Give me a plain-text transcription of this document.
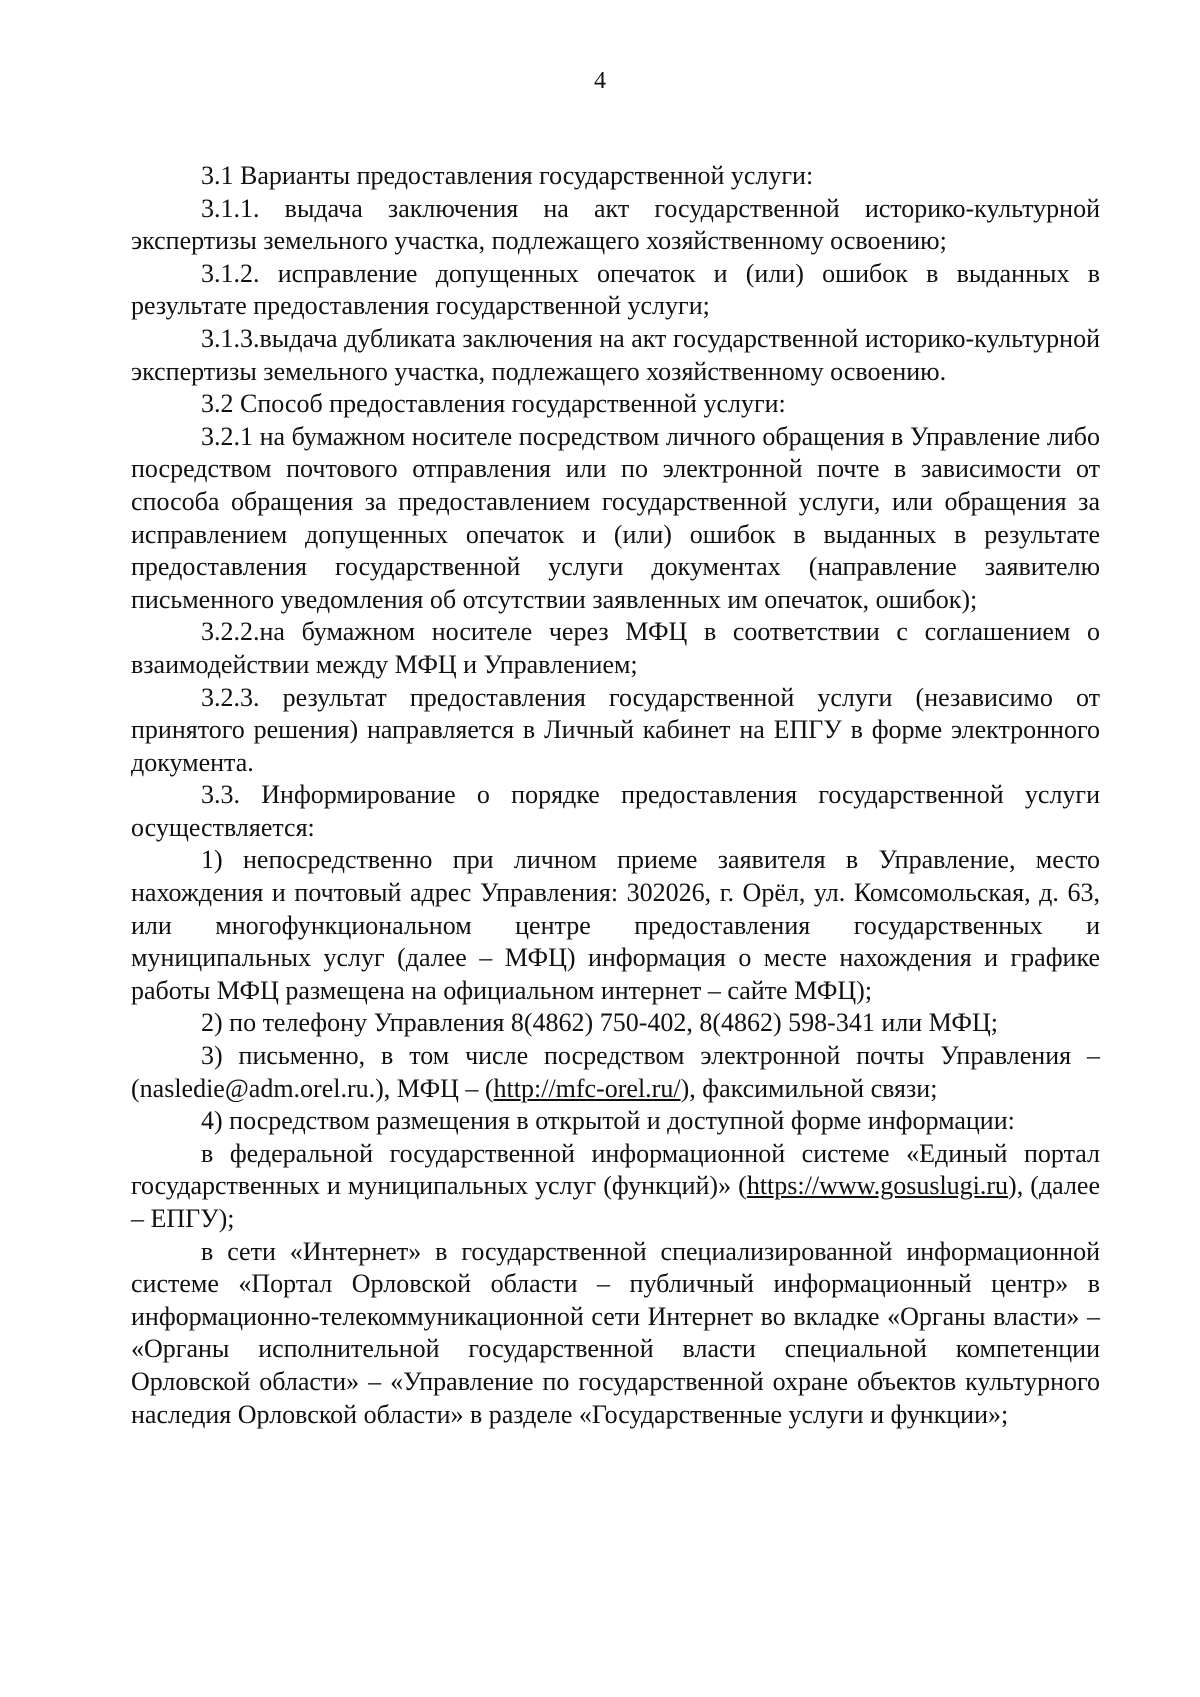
4

3.1 Варианты предоставления государственной услуги:

3.1.1. выдача заключения на акт государственной историко-культурной экспертизы земельного участка, подлежащего хозяйственному освоению;

3.1.2. исправление допущенных опечаток и (или) ошибок в выданных в результате предоставления государственной услуги;

3.1.3.выдача дубликата заключения на акт государственной историко-культурной экспертизы земельного участка, подлежащего хозяйственному освоению.

3.2 Способ предоставления государственной услуги:

3.2.1 на бумажном носителе посредством личного обращения в Управление либо посредством почтового отправления или по электронной почте в зависимости от способа обращения за предоставлением государственной услуги, или обращения за исправлением допущенных опечаток и (или) ошибок в выданных в результате предоставления государственной услуги документах (направление заявителю письменного уведомления об отсутствии заявленных им опечаток, ошибок);

3.2.2.на бумажном носителе через МФЦ в соответствии с соглашением о взаимодействии между МФЦ и Управлением;

3.2.3. результат предоставления государственной услуги (независимо от принятого решения) направляется в Личный кабинет на ЕПГУ в форме электронного документа.

3.3. Информирование о порядке предоставления государственной услуги осуществляется:

1) непосредственно при личном приеме заявителя в Управление, место нахождения и почтовый адрес Управления: 302026, г. Орёл, ул. Комсомольская, д. 63, или многофункциональном центре предоставления государственных и муниципальных услуг (далее – МФЦ) информация о месте нахождения и графике работы МФЦ размещена на официальном интернет – сайте МФЦ);

2) по телефону Управления 8(4862) 750-402, 8(4862) 598-341 или МФЦ;

3) письменно, в том числе посредством электронной почты Управления – (nasledie@adm.orel.ru.), МФЦ – (http://mfc-orel.ru/), факсимильной связи;

4) посредством размещения в открытой и доступной форме информации:

в федеральной государственной информационной системе «Единый портал государственных и муниципальных услуг (функций)» (https://www.gosuslugi.ru), (далее – ЕПГУ);

в сети «Интернет» в государственной специализированной информационной системе «Портал Орловской области – публичный информационный центр» в информационно-телекоммуникационной сети Интернет во вкладке «Органы власти» – «Органы исполнительной государственной власти специальной компетенции Орловской области» – «Управление по государственной охране объектов культурного наследия Орловской области» в разделе «Государственные услуги и функции»;
